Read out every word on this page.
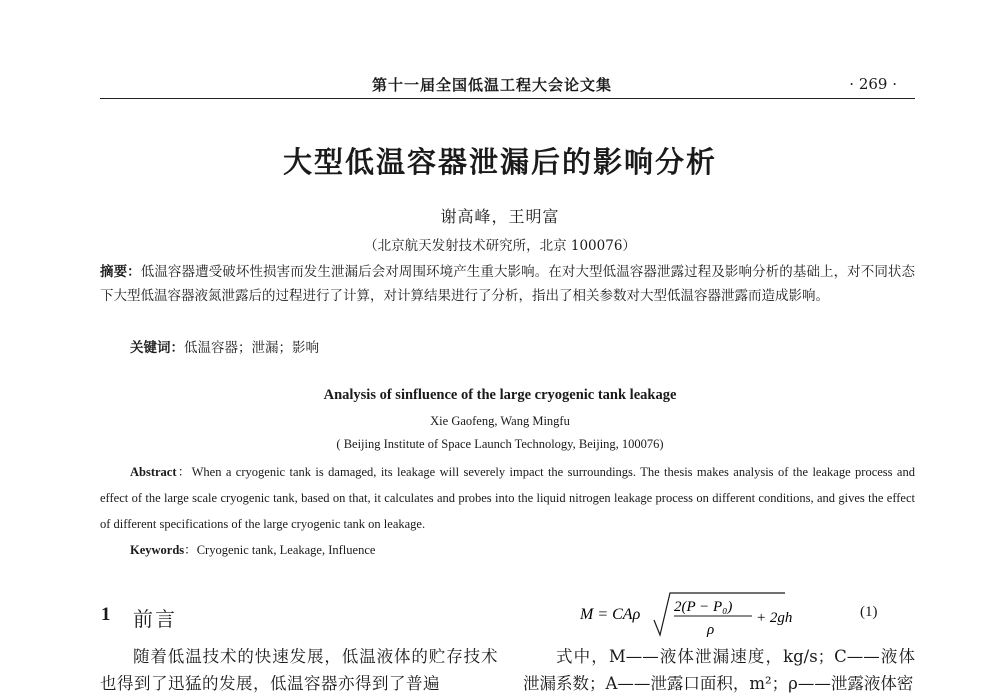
第十一届全国低温工程大会论文集	· 269 ·
大型低温容器泄漏后的影响分析
谢高峰，王明富
（北京航天发射技术研究所，北京 100076）
摘要：低温容器遭受破坏性损害而发生泄漏后会对周围环境产生重大影响。在对大型低温容器泄露过程及影响分析的基础上，对不同状态下大型低温容器液氮泄露后的过程进行了计算，对计算结果进行了分析，指出了相关参数对大型低温容器泄露而造成影响。
关键词：低温容器；泄漏；影响
Analysis of sinfluence of the large cryogenic tank leakage
Xie Gaofeng, Wang Mingfu
( Beijing Institute of Space Launch Technology, Beijing, 100076)
Abstract：When a cryogenic tank is damaged, its leakage will severely impact the surroundings. The thesis makes analysis of the leakage process and effect of the large scale cryogenic tank, based on that, it calculates and probes into the liquid nitrogen leakage process on different conditions, and gives the effect of different specifications of the large cryogenic tank on leakage.
Keywords：Cryogenic tank, Leakage, Influence
1 前言
随着低温技术的快速发展，低温液体的贮存技术也得到了迅猛的发展，低温容器亦得到了普遍
M = CAρ 2(P − P₀)
ρ
+ 2gh	(1)
式中，M——液体泄漏速度，kg/s；C——液体泄漏系数；A——泄露口面积，m²；ρ——泄露液体密
